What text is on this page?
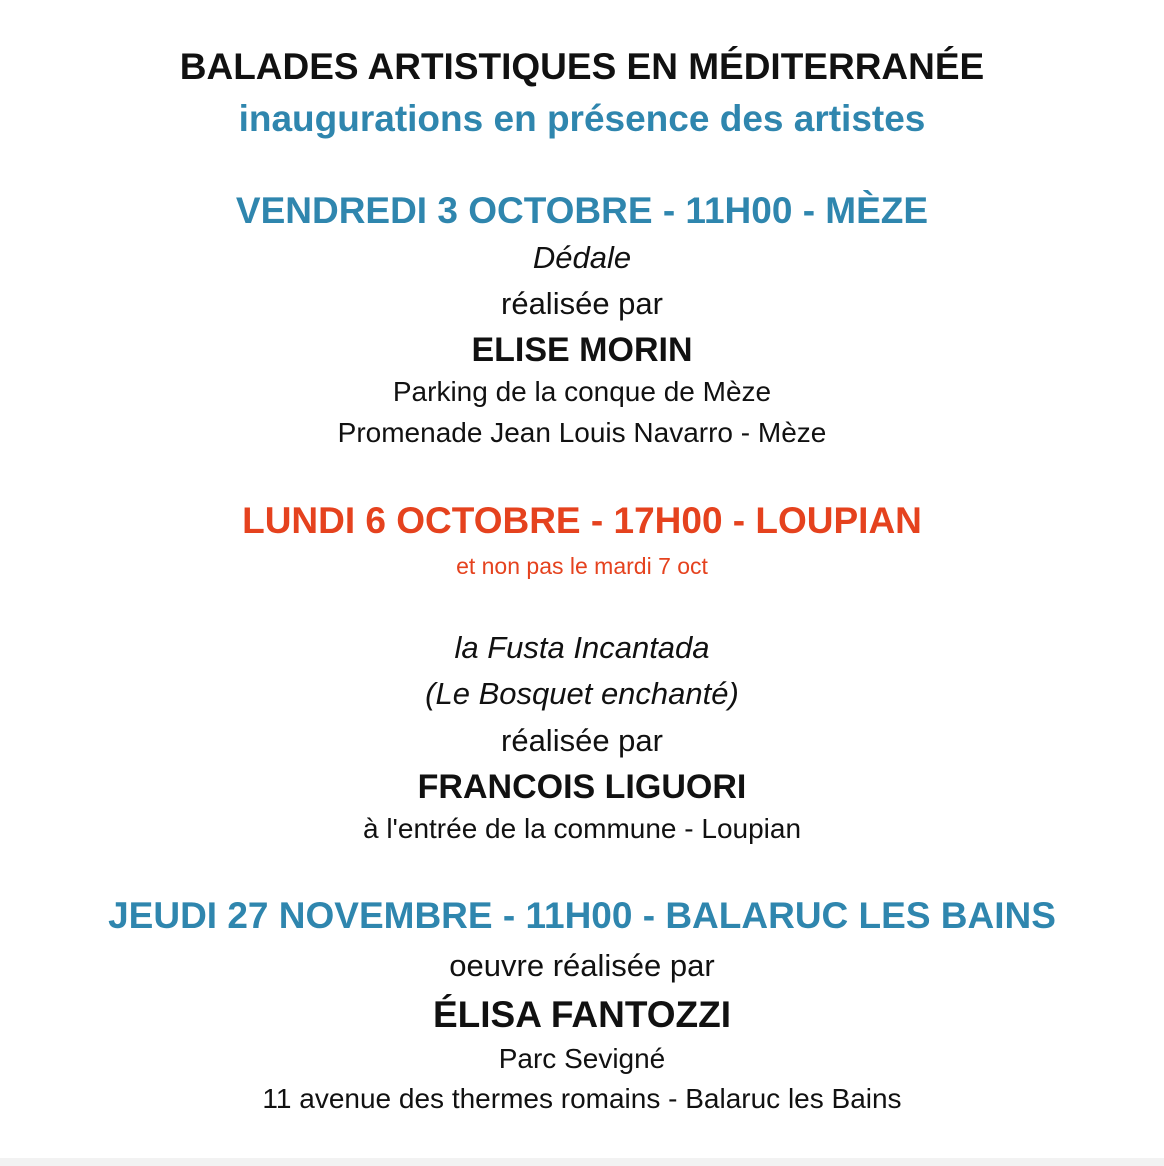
BALADES ARTISTIQUES EN MÉDITERRANÉE
inaugurations en présence des artistes
VENDREDI 3 OCTOBRE - 11H00 - MÈZE
Dédale
réalisée par
ELISE MORIN
Parking de la conque de Mèze
Promenade Jean Louis Navarro - Mèze
LUNDI 6 OCTOBRE - 17H00 - LOUPIAN
et non pas le mardi 7 oct
la Fusta Incantada
(Le Bosquet enchanté)
réalisée par
FRANCOIS LIGUORI
à l'entrée de la commune - Loupian
JEUDI 27 NOVEMBRE - 11H00 - BALARUC LES BAINS
oeuvre réalisée par
ÉLISA FANTOZZI
Parc Sevigné
11 avenue des thermes romains - Balaruc les Bains
